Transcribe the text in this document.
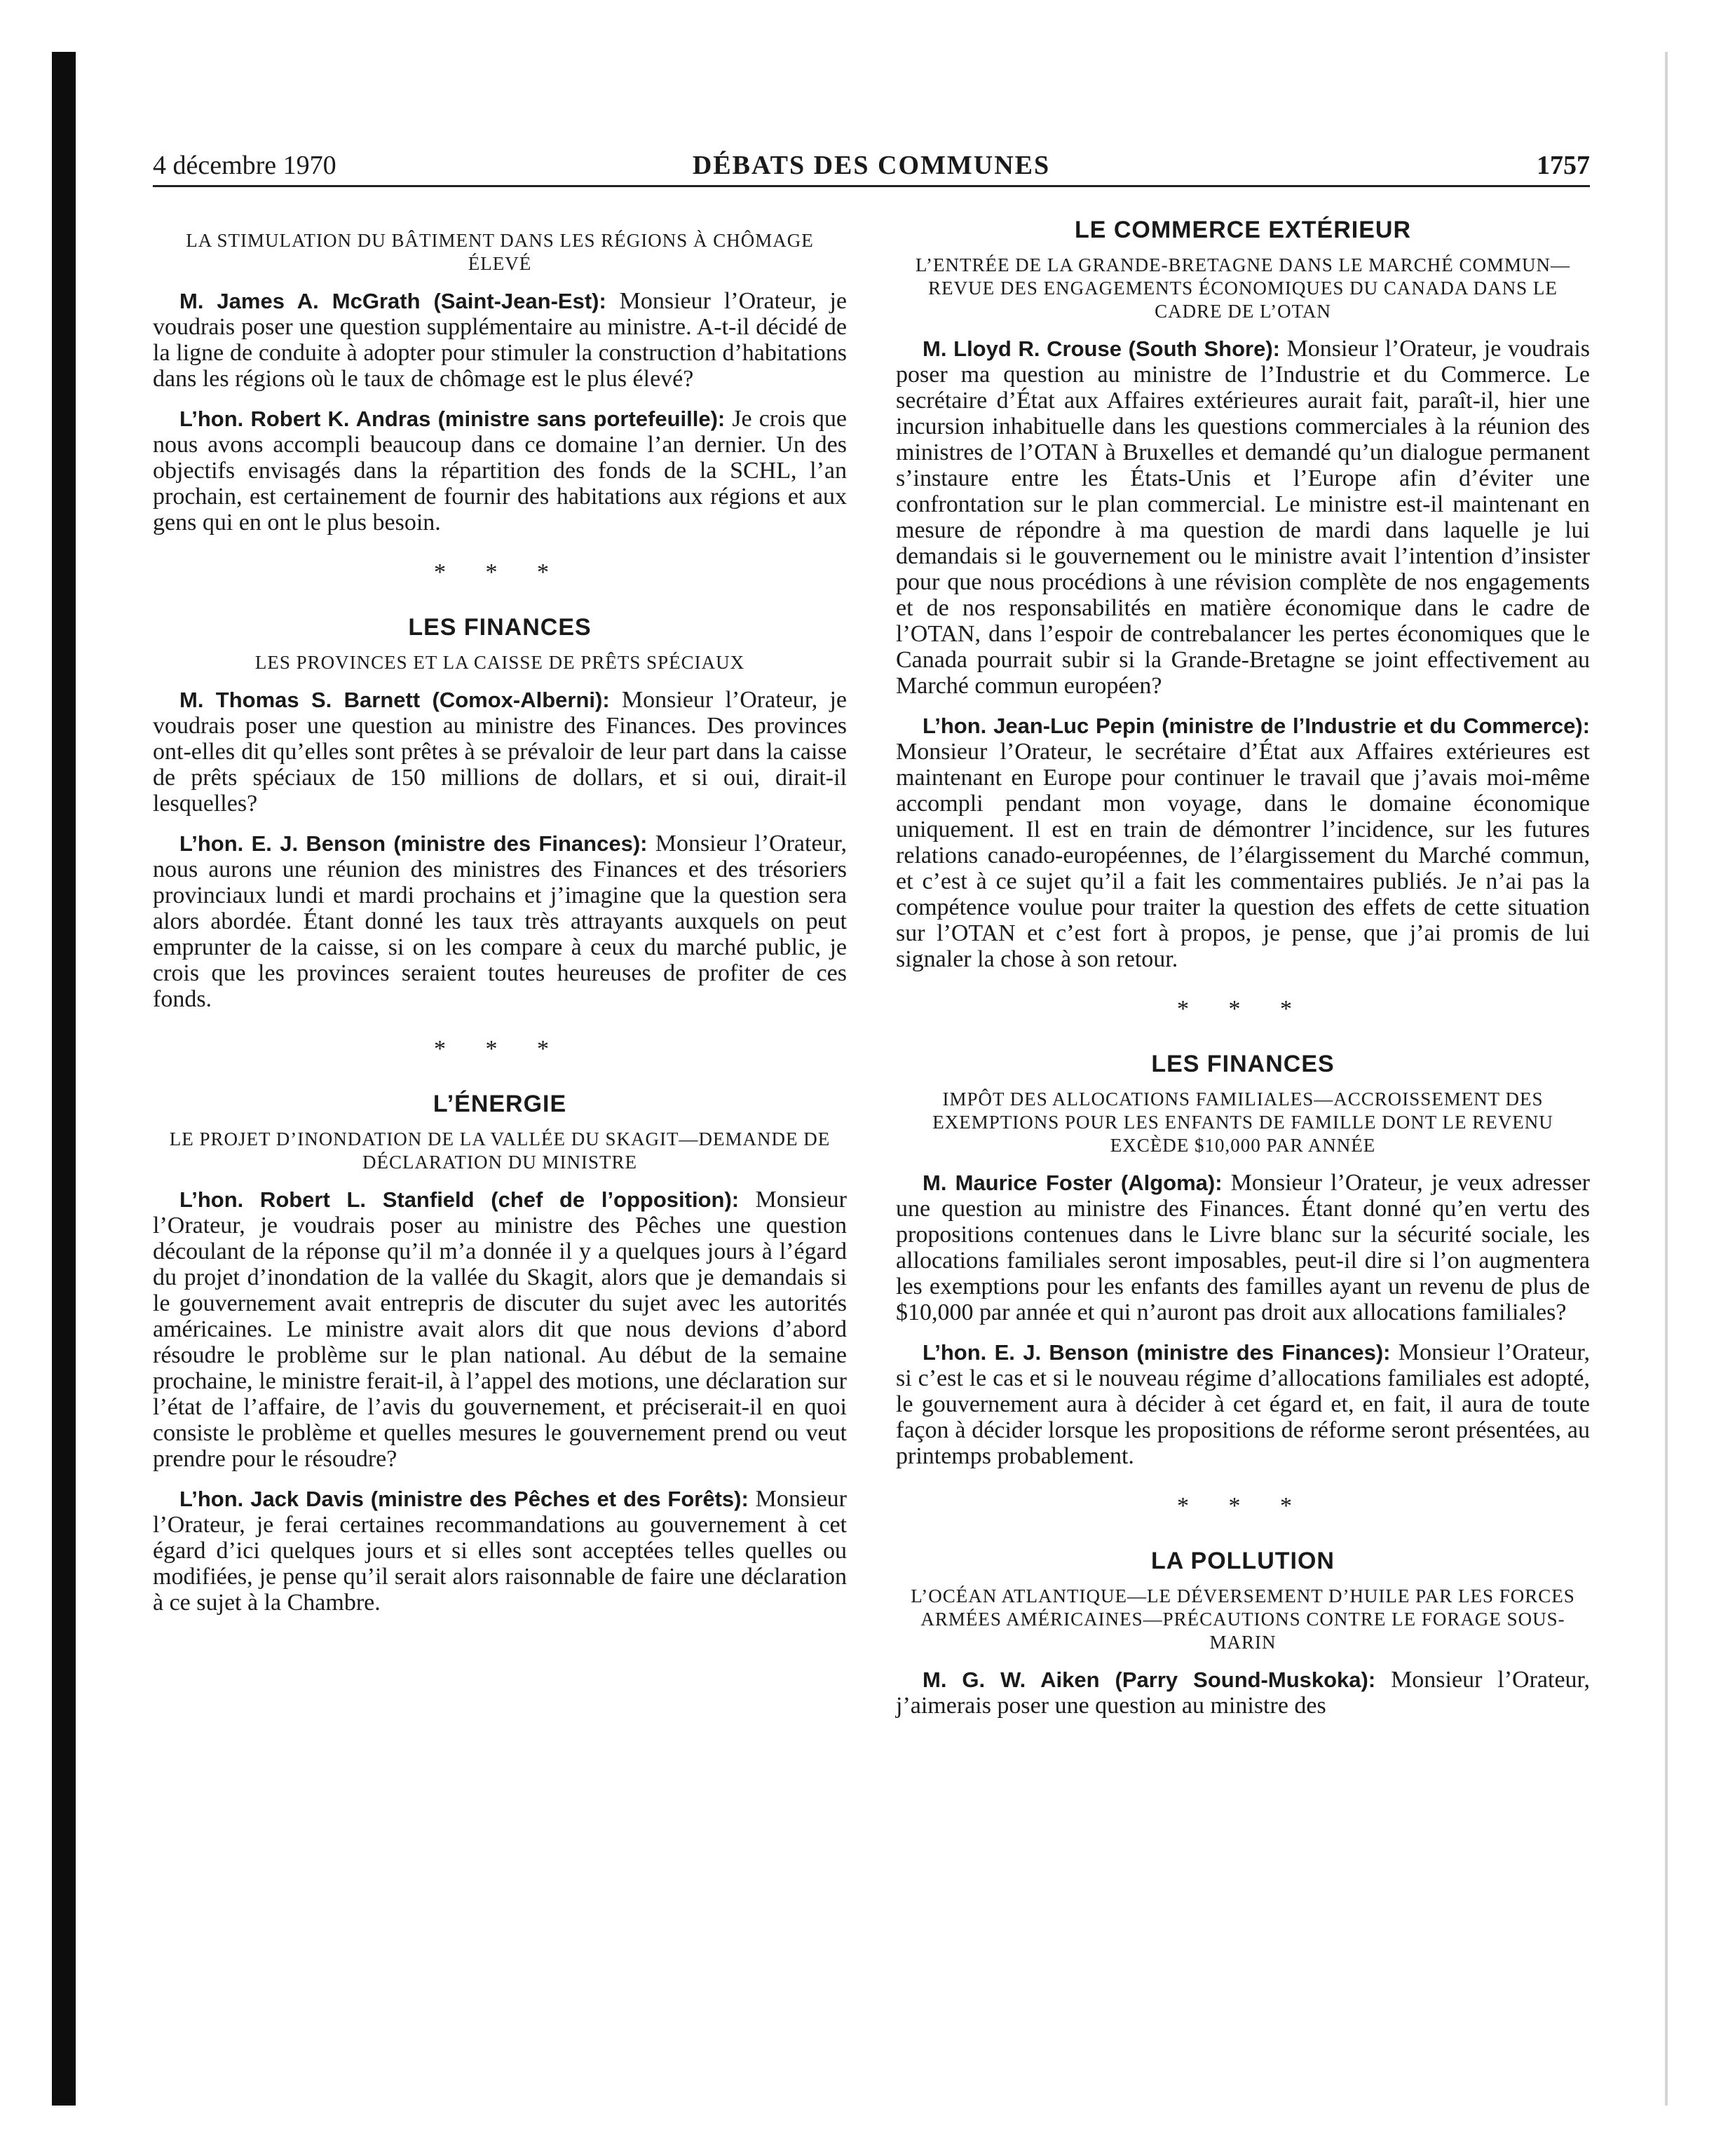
4 décembre 1970	DÉBATS DES COMMUNES	1757
LA STIMULATION DU BÂTIMENT DANS LES RÉGIONS À CHÔMAGE ÉLEVÉ

M. James A. McGrath (Saint-Jean-Est): Monsieur l’Orateur, je voudrais poser une question supplémentaire au ministre. A-t-il décidé de la ligne de conduite à adopter pour stimuler la construction d’habitations dans les régions où le taux de chômage est le plus élevé?

L’hon. Robert K. Andras (ministre sans portefeuille): Je crois que nous avons accompli beaucoup dans ce domaine l’an dernier. Un des objectifs envisagés dans la répartition des fonds de la SCHL, l’an prochain, est certainement de fournir des habitations aux régions et aux gens qui en ont le plus besoin.

* * *
LES FINANCES
LES PROVINCES ET LA CAISSE DE PRÊTS SPÉCIAUX

M. Thomas S. Barnett (Comox-Alberni): Monsieur l’Orateur, je voudrais poser une question au ministre des Finances. Des provinces ont-elles dit qu’elles sont prêtes à se prévaloir de leur part dans la caisse de prêts spéciaux de 150 millions de dollars, et si oui, dirait-il lesquelles?

L’hon. E. J. Benson (ministre des Finances): Monsieur l’Orateur, nous aurons une réunion des ministres des Finances et des trésoriers provinciaux lundi et mardi prochains et j’imagine que la question sera alors abordée. Étant donné les taux très attrayants auxquels on peut emprunter de la caisse, si on les compare à ceux du marché public, je crois que les provinces seraient toutes heureuses de profiter de ces fonds.

* * *
L’ÉNERGIE
LE PROJET D’INONDATION DE LA VALLÉE DU SKAGIT—DEMANDE DE DÉCLARATION DU MINISTRE

L’hon. Robert L. Stanfield (chef de l’opposition): Monsieur l’Orateur, je voudrais poser au ministre des Pêches une question découlant de la réponse qu’il m’a donnée il y a quelques jours à l’égard du projet d’inondation de la vallée du Skagit, alors que je demandais si le gouvernement avait entrepris de discuter du sujet avec les autorités américaines. Le ministre avait alors dit que nous devions d’abord résoudre le problème sur le plan national. Au début de la semaine prochaine, le ministre ferait-il, à l’appel des motions, une déclaration sur l’état de l’affaire, de l’avis du gouvernement, et préciserait-il en quoi consiste le problème et quelles mesures le gouvernement prend ou veut prendre pour le résoudre?

L’hon. Jack Davis (ministre des Pêches et des Forêts): Monsieur l’Orateur, je ferai certaines recommandations au gouvernement à cet égard d’ici quelques jours et si elles sont acceptées telles quelles ou modifiées, je pense qu’il serait alors raisonnable de faire une déclaration à ce sujet à la Chambre.

LE COMMERCE EXTÉRIEUR
L’ENTRÉE DE LA GRANDE-BRETAGNE DANS LE MARCHÉ COMMUN—REVUE DES ENGAGEMENTS ÉCONOMIQUES DU CANADA DANS LE CADRE DE L’OTAN

M. Lloyd R. Crouse (South Shore): Monsieur l’Orateur, je voudrais poser ma question au ministre de l’Industrie et du Commerce. Le secrétaire d’État aux Affaires extérieures aurait fait, paraît-il, hier une incursion inhabituelle dans les questions commerciales à la réunion des ministres de l’OTAN à Bruxelles et demandé qu’un dialogue permanent s’instaure entre les États-Unis et l’Europe afin d’éviter une confrontation sur le plan commercial. Le ministre est-il maintenant en mesure de répondre à ma question de mardi dans laquelle je lui demandais si le gouvernement ou le ministre avait l’intention d’insister pour que nous procédions à une révision complète de nos engagements et de nos responsabilités en matière économique dans le cadre de l’OTAN, dans l’espoir de contrebalancer les pertes économiques que le Canada pourrait subir si la Grande-Bretagne se joint effectivement au Marché commun européen?

L’hon. Jean-Luc Pepin (ministre de l’Industrie et du Commerce): Monsieur l’Orateur, le secrétaire d’État aux Affaires extérieures est maintenant en Europe pour continuer le travail que j’avais moi-même accompli pendant mon voyage, dans le domaine économique uniquement. Il est en train de démontrer l’incidence, sur les futures relations canado-européennes, de l’élargissement du Marché commun, et c’est à ce sujet qu’il a fait les commentaires publiés. Je n’ai pas la compétence voulue pour traiter la question des effets de cette situation sur l’OTAN et c’est fort à propos, je pense, que j’ai promis de lui signaler la chose à son retour.

* * *
LES FINANCES
IMPÔT DES ALLOCATIONS FAMILIALES—ACCROISSEMENT DES EXEMPTIONS POUR LES ENFANTS DE FAMILLE DONT LE REVENU EXCÈDE $10,000 PAR ANNÉE

M. Maurice Foster (Algoma): Monsieur l’Orateur, je veux adresser une question au ministre des Finances. Étant donné qu’en vertu des propositions contenues dans le Livre blanc sur la sécurité sociale, les allocations familiales seront imposables, peut-il dire si l’on augmentera les exemptions pour les enfants des familles ayant un revenu de plus de $10,000 par année et qui n’auront pas droit aux allocations familiales?

L’hon. E. J. Benson (ministre des Finances): Monsieur l’Orateur, si c’est le cas et si le nouveau régime d’allocations familiales est adopté, le gouvernement aura à décider à cet égard et, en fait, il aura de toute façon à décider lorsque les propositions de réforme seront présentées, au printemps probablement.

* * *
LA POLLUTION
L’OCÉAN ATLANTIQUE—LE DÉVERSEMENT D’HUILE PAR LES FORCES ARMÉES AMÉRICAINES—PRÉCAUTIONS CONTRE LE FORAGE SOUS-MARIN

M. G. W. Aiken (Parry Sound-Muskoka): Monsieur l’Orateur, j’aimerais poser une question au ministre des
